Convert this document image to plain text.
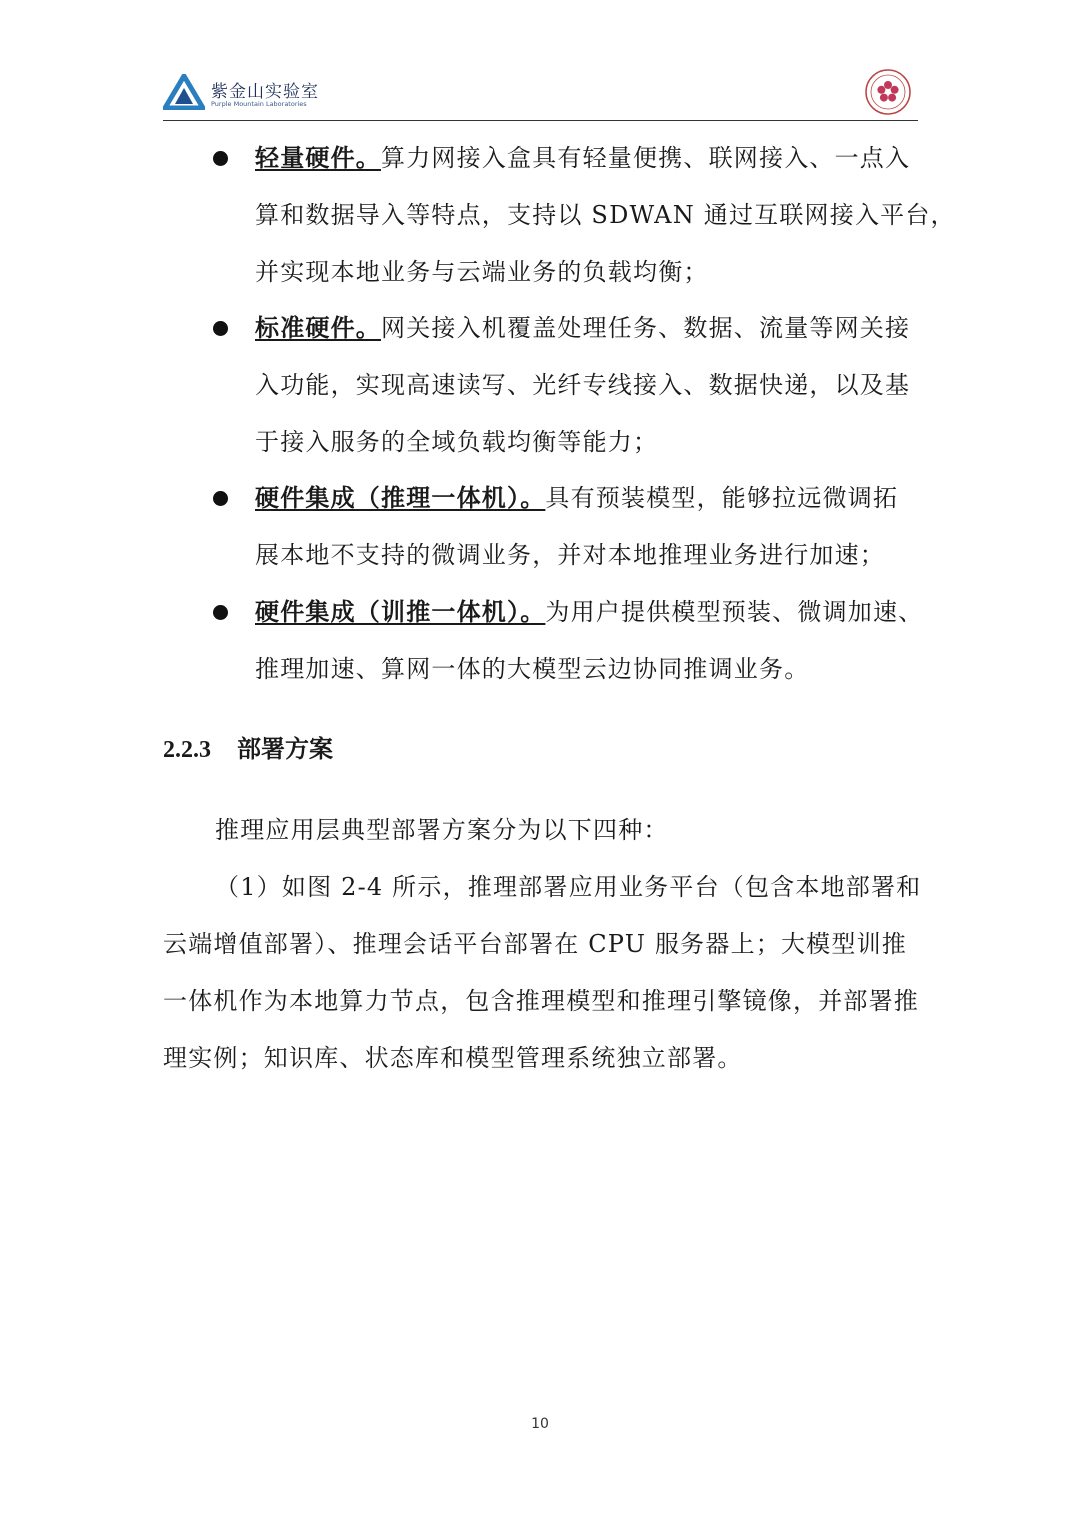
紫金山实验室
Purple Mountain Laboratories
轻量硬件。算力网接入盒具有轻量便携、联网接入、一点入
算和数据导入等特点，支持以 SDWAN 通过互联网接入平台，
并实现本地业务与云端业务的负载均衡；
标准硬件。网关接入机覆盖处理任务、数据、流量等网关接
入功能，实现高速读写、光纤专线接入、数据快递，以及基
于接入服务的全域负载均衡等能力；
硬件集成（推理一体机）。具有预装模型，能够拉远微调拓
展本地不支持的微调业务，并对本地推理业务进行加速；
硬件集成（训推一体机）。为用户提供模型预装、微调加速、
推理加速、算网一体的大模型云边协同推调业务。
2.2.3 部署方案
推理应用层典型部署方案分为以下四种：
（1）如图 2-4 所示，推理部署应用业务平台（包含本地部署和
云端增值部署）、推理会话平台部署在 CPU 服务器上；大模型训推
一体机作为本地算力节点，包含推理模型和推理引擎镜像，并部署推
理实例；知识库、状态库和模型管理系统独立部署。
10
